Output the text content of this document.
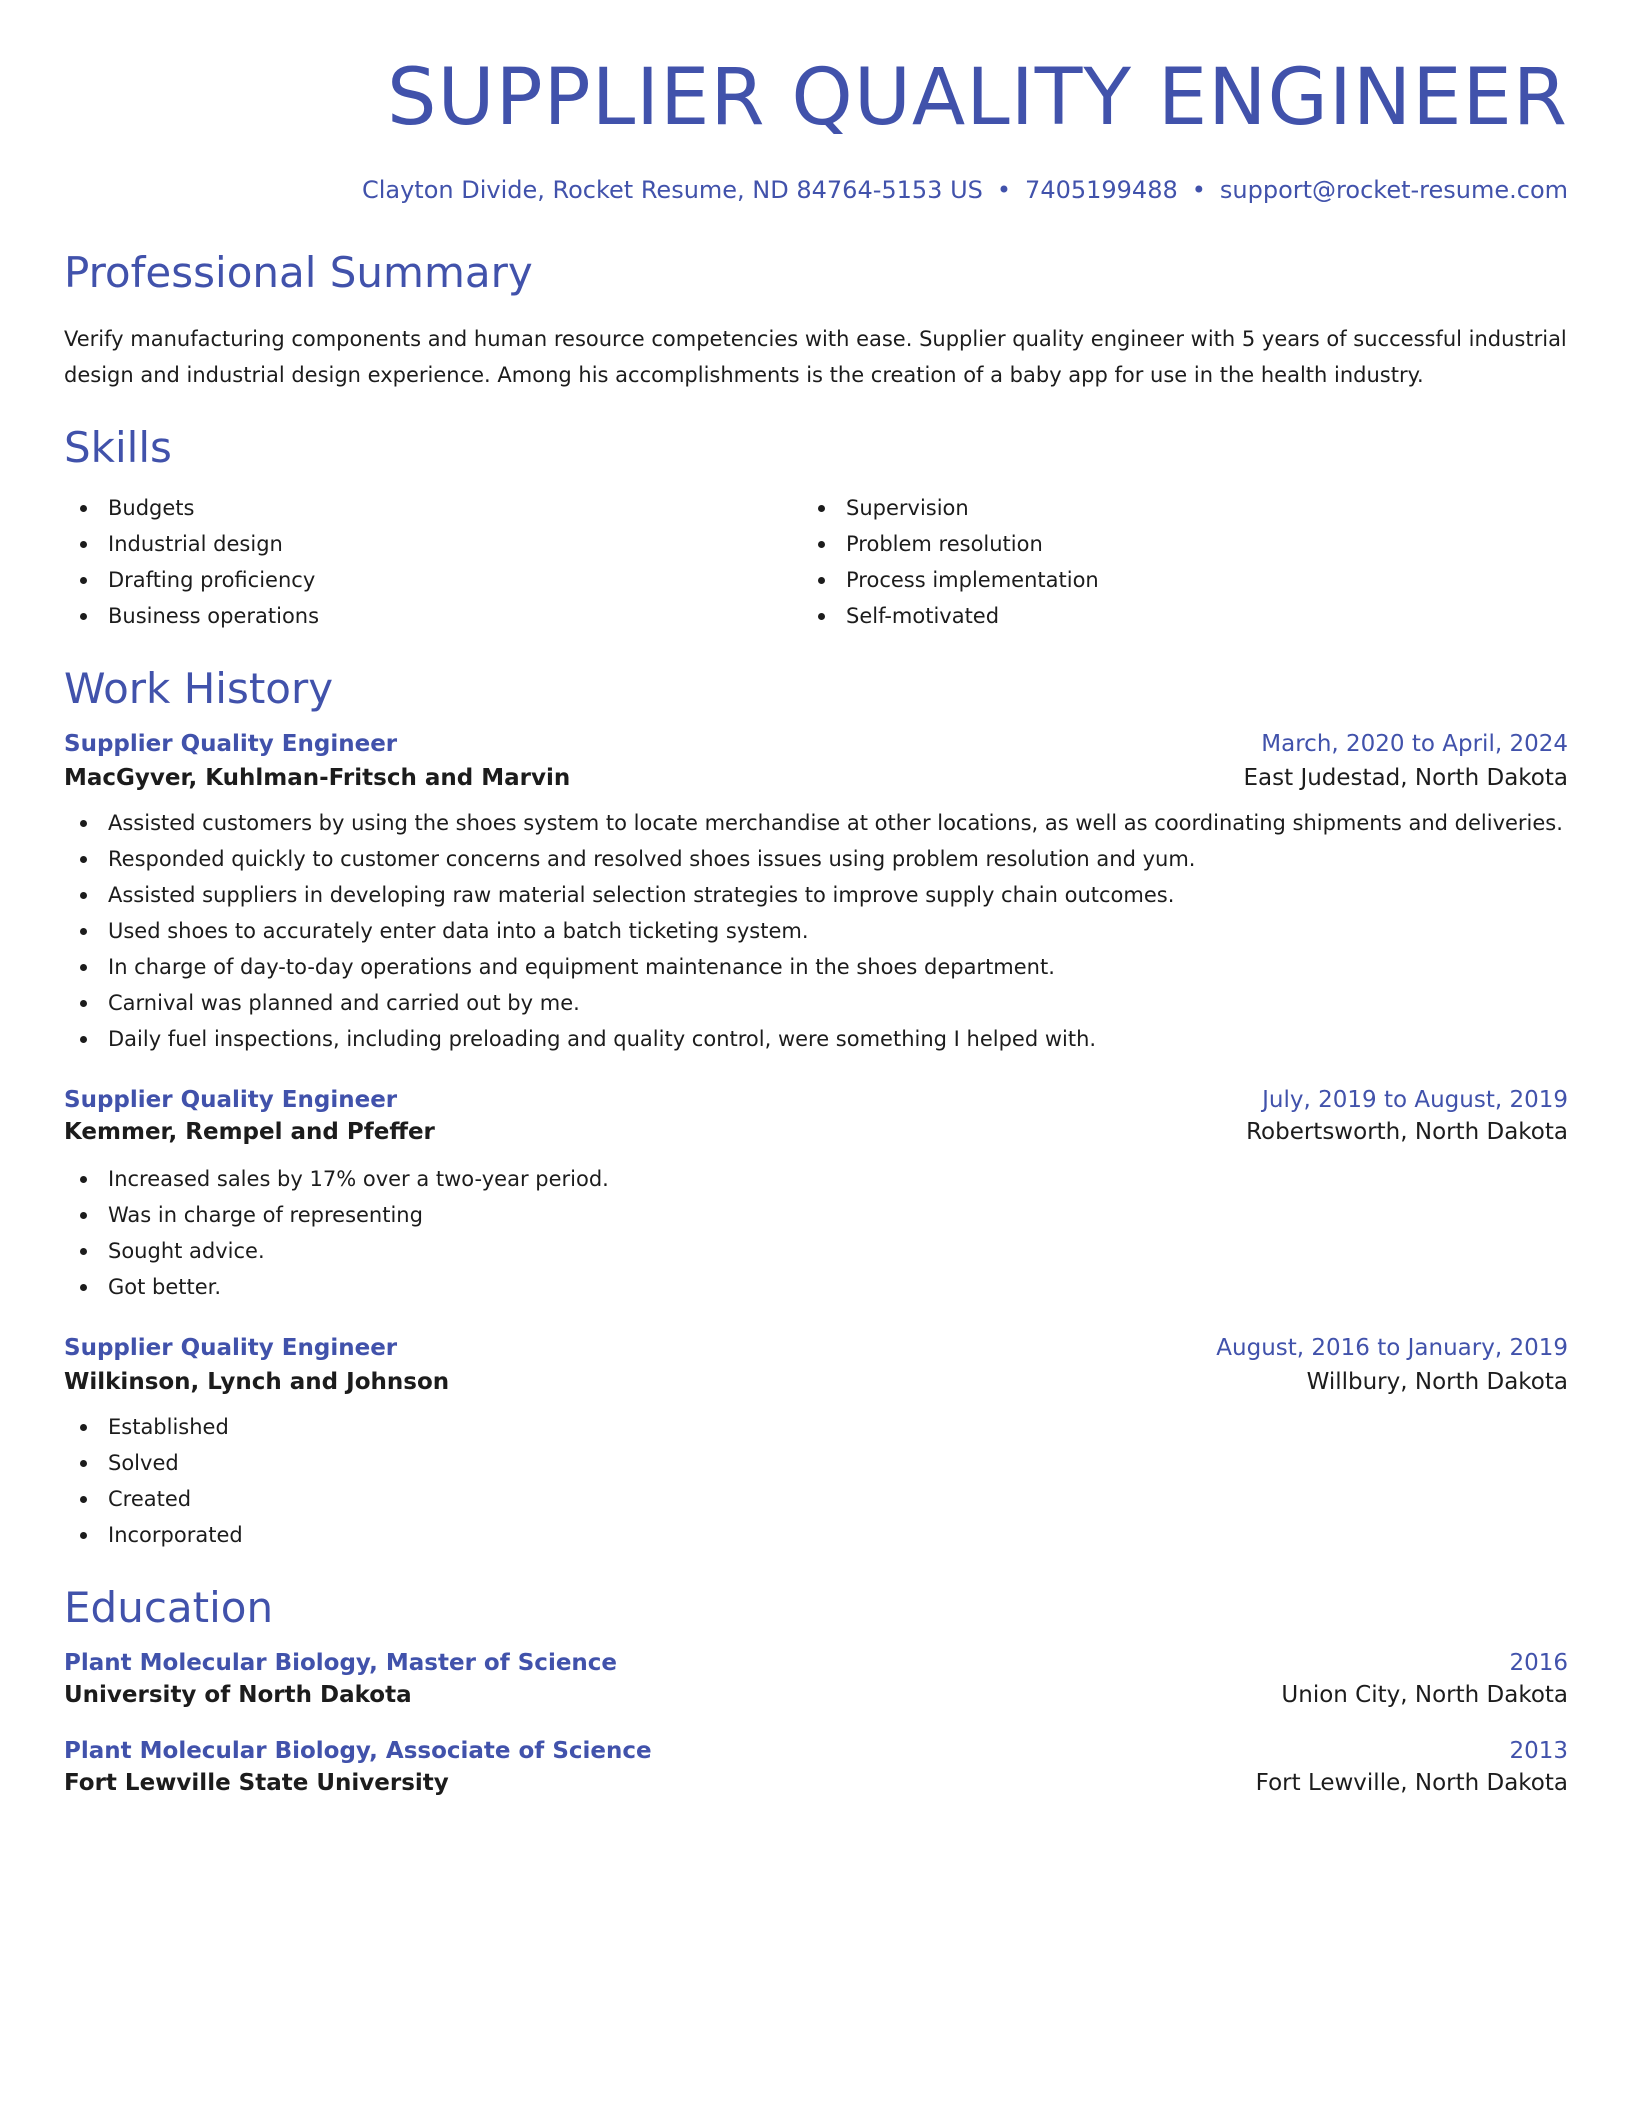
SUPPLIER QUALITY ENGINEER
Clayton Divide, Rocket Resume, ND 84764-5153 US • 7405199488 • support@rocket-resume.com
Professional Summary
Verify manufacturing components and human resource competencies with ease. Supplier quality engineer with 5 years of successful industrial design and industrial design experience. Among his accomplishments is the creation of a baby app for use in the health industry.
Skills
Budgets
Industrial design
Drafting proficiency
Business operations
Supervision
Problem resolution
Process implementation
Self-motivated
Work History
Supplier Quality Engineer	March, 2020 to April, 2024
MacGyver, Kuhlman-Fritsch and Marvin	East Judestad, North Dakota
Assisted customers by using the shoes system to locate merchandise at other locations, as well as coordinating shipments and deliveries.
Responded quickly to customer concerns and resolved shoes issues using problem resolution and yum.
Assisted suppliers in developing raw material selection strategies to improve supply chain outcomes.
Used shoes to accurately enter data into a batch ticketing system.
In charge of day-to-day operations and equipment maintenance in the shoes department.
Carnival was planned and carried out by me.
Daily fuel inspections, including preloading and quality control, were something I helped with.
Supplier Quality Engineer	July, 2019 to August, 2019
Kemmer, Rempel and Pfeffer	Robertsworth, North Dakota
Increased sales by 17% over a two-year period.
Was in charge of representing
Sought advice.
Got better.
Supplier Quality Engineer	August, 2016 to January, 2019
Wilkinson, Lynch and Johnson	Willbury, North Dakota
Established
Solved
Created
Incorporated
Education
Plant Molecular Biology, Master of Science	2016
University of North Dakota	Union City, North Dakota
Plant Molecular Biology, Associate of Science	2013
Fort Lewville State University	Fort Lewville, North Dakota
